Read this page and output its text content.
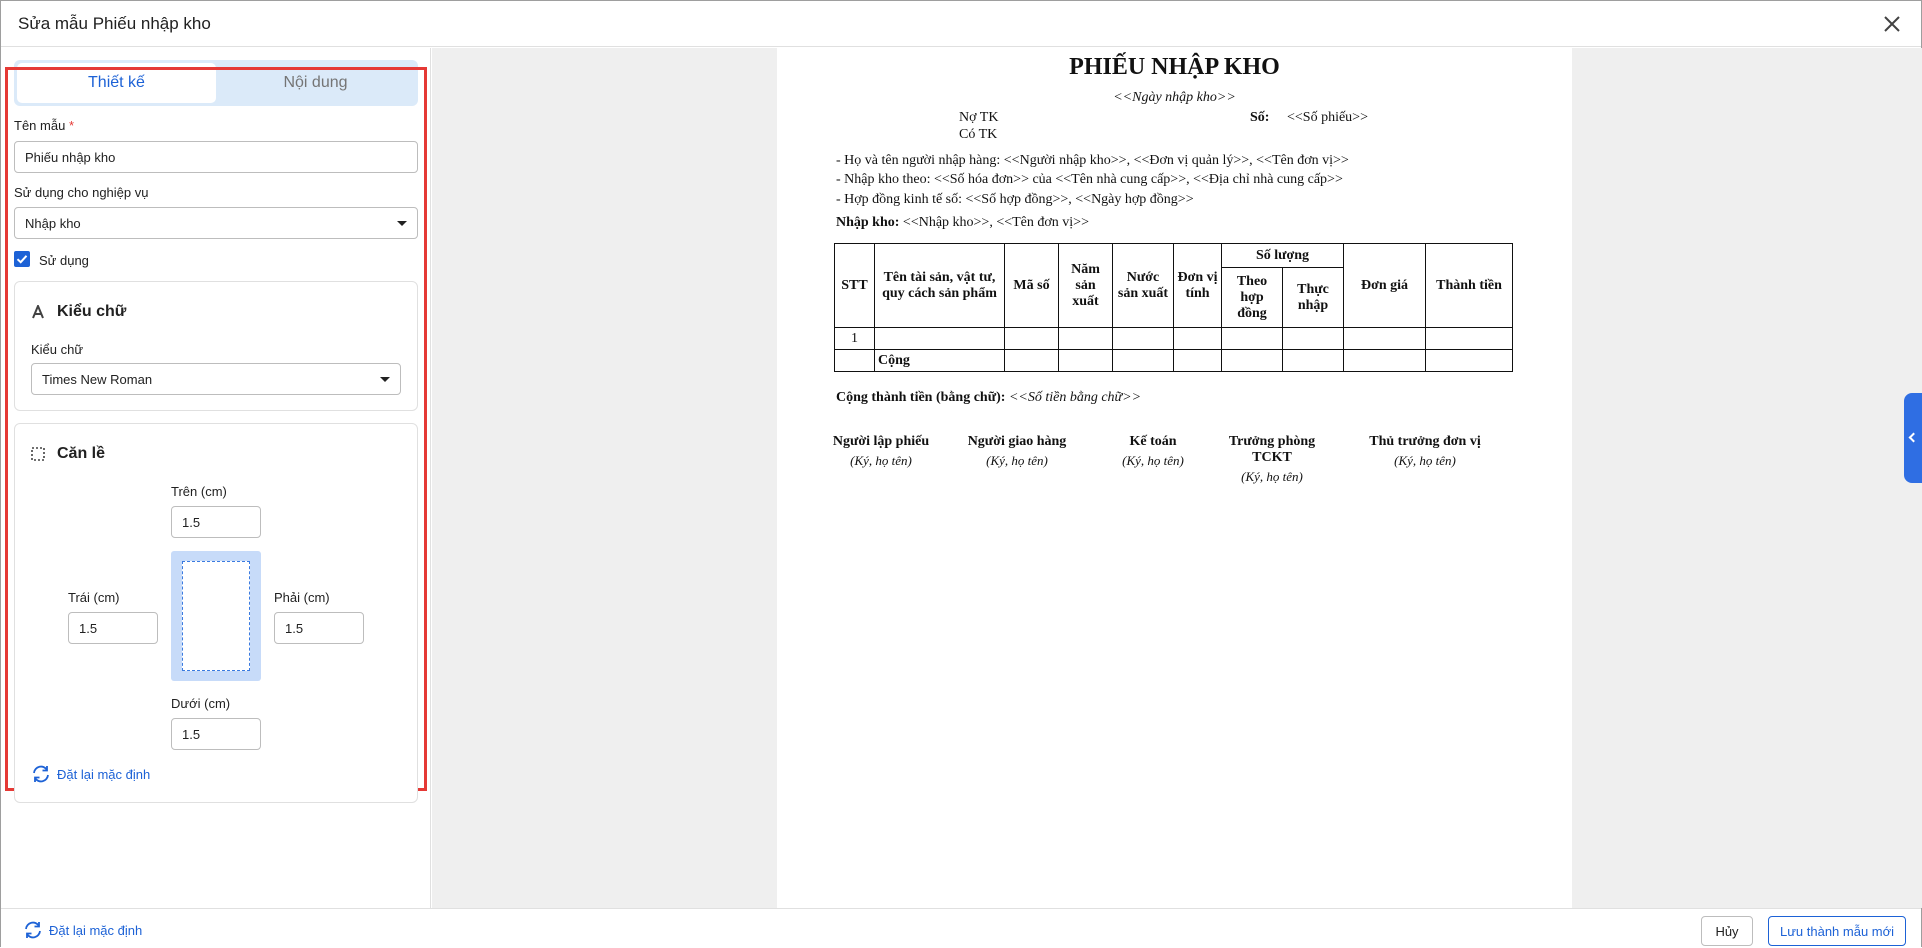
Sửa mẫu Phiếu nhập kho
Thiết kế	Nội dung
Tên mẫu *
Phiếu nhập kho
Sử dụng cho nghiệp vụ
Nhập kho
Sử dụng
Kiểu chữ
Kiểu chữ
Times New Roman
Căn lề
Trên (cm)
1.5
Trái (cm)
1.5
Phải (cm)
1.5
Dưới (cm)
1.5
Đặt lại mặc định
PHIẾU NHẬP KHO
<<Ngày nhập kho>>
Nợ TK
Có TK
Số: <<Số phiếu>>
- Họ và tên người nhập hàng: <<Người nhập kho>>, <<Đơn vị quản lý>>, <<Tên đơn vị>>
- Nhập kho theo: <<Số hóa đơn>> của <<Tên nhà cung cấp>>, <<Địa chỉ nhà cung cấp>>
- Hợp đồng kinh tế số: <<Số hợp đồng>>, <<Ngày hợp đồng>>
Nhập kho: <<Nhập kho>>, <<Tên đơn vị>>
STT	Tên tài sản, vật tư, quy cách sản phẩm	Mã số	Năm sản xuất	Nước sản xuất	Đơn vị tính	Số lượng		Đơn giá	Thành tiền
						Theo hợp đồng	Thực nhập		
1									
	Cộng								
Cộng thành tiền (bằng chữ): <<Số tiền bằng chữ>>
Người lập phiếu
(Ký, họ tên)
Người giao hàng
(Ký, họ tên)
Kế toán
(Ký, họ tên)
Trưởng phòng TCKT
(Ký, họ tên)
Thủ trưởng đơn vị
(Ký, họ tên)
Đặt lại mặc định	Hủy	Lưu thành mẫu mới
